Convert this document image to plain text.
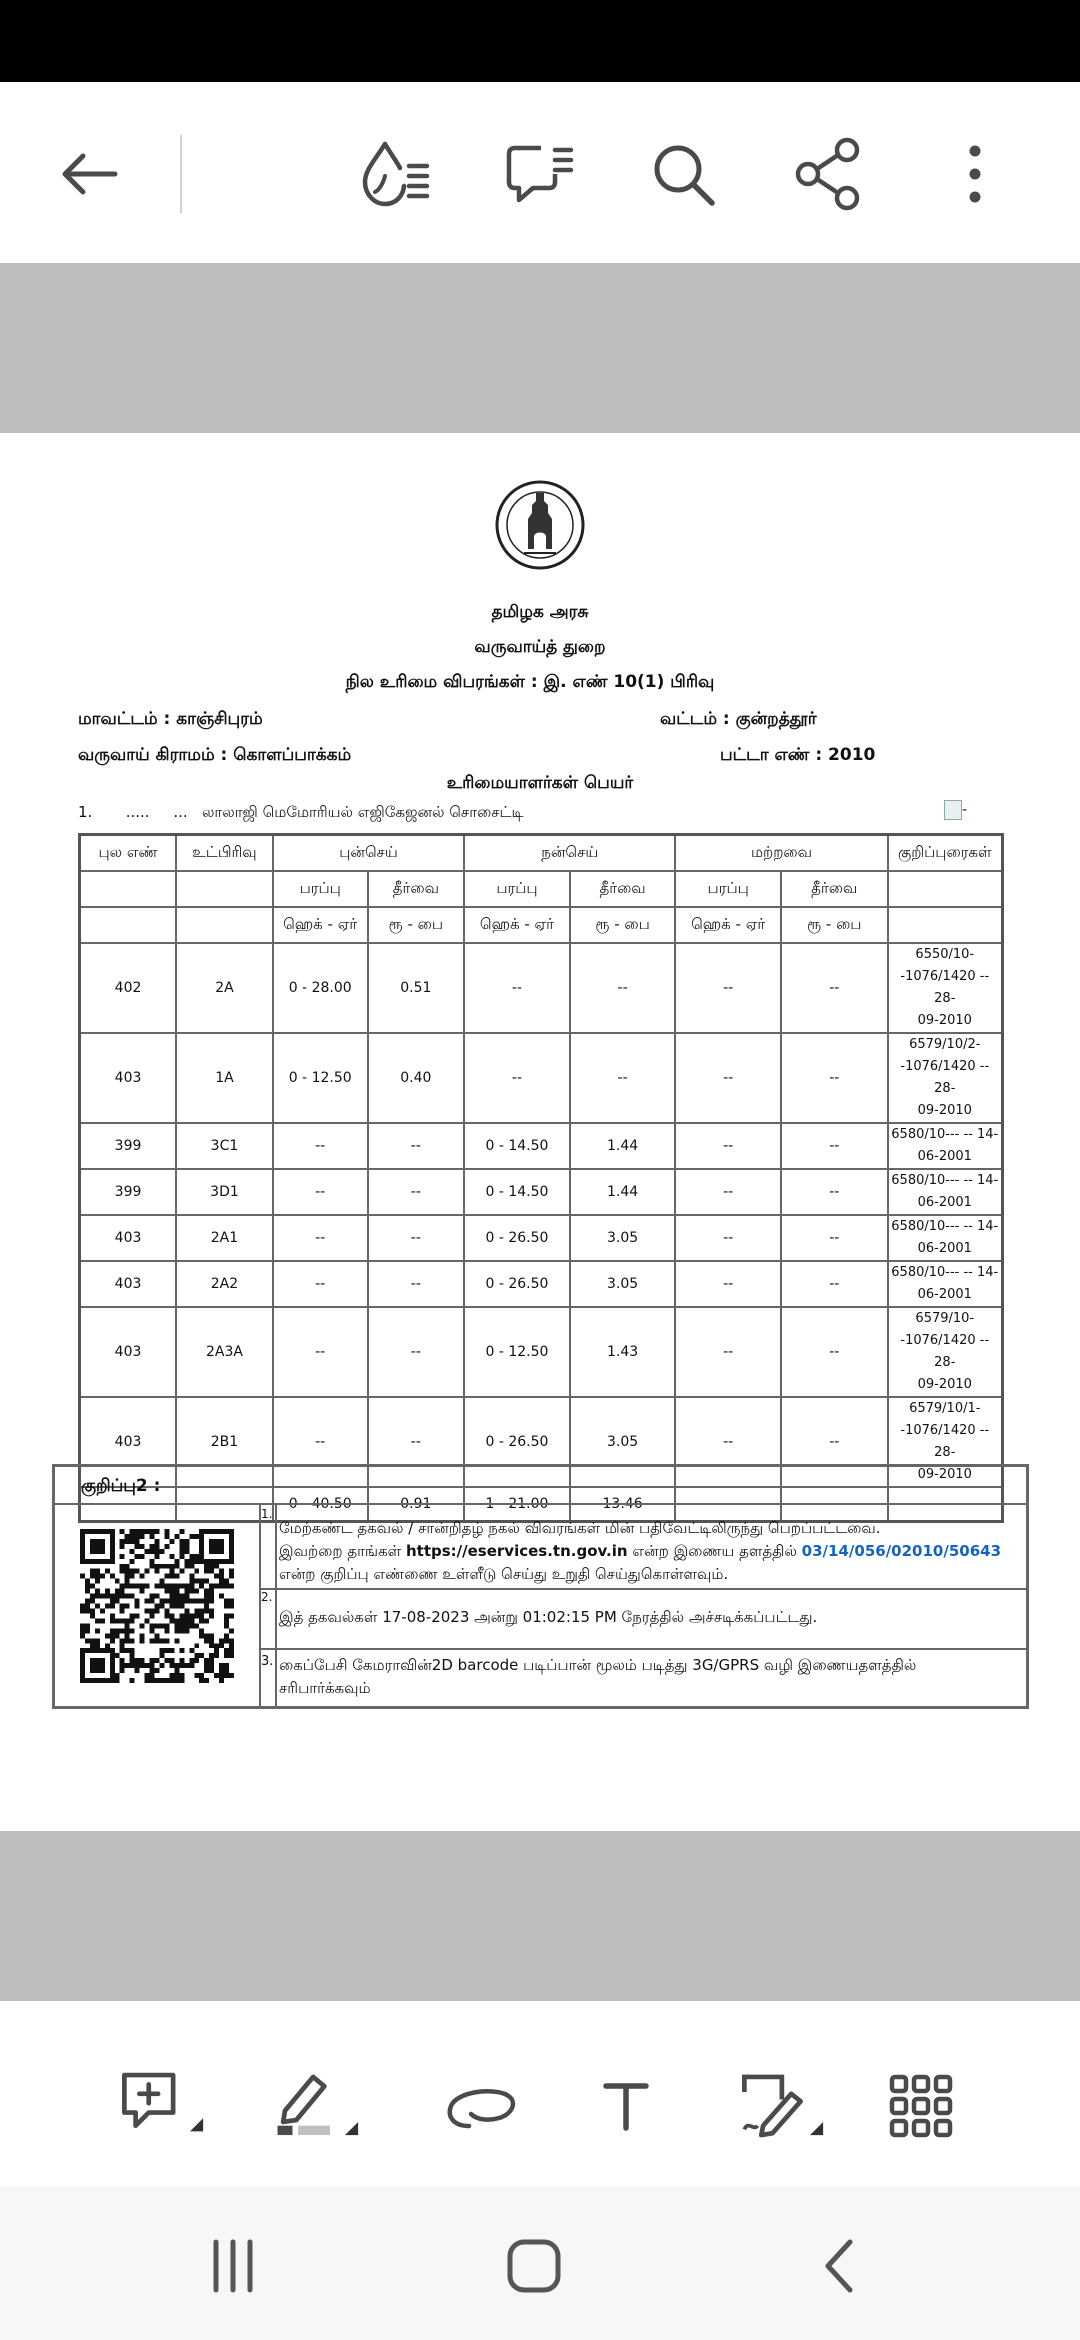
தமிழக அரசு
வருவாய்த் துறை
நில உரிமை விபரங்கள் : இ. எண் 10(1) பிரிவு
மாவட்டம் : காஞ்சிபுரம்	வட்டம் : குன்றத்தூர்
வருவாய் கிராமம் : கொளப்பாக்கம்	பட்டா எண் : 2010
உரிமையாளர்கள் பெயர்
1.       .....     ...   லாலாஜி மெமோரியல் எஜிகேஜனல் சொசைட்டி	-
புல எண்	உட்பிரிவு	புன்செய்		நன்செய்		மற்றவை		குறிப்புரைகள்
		பரப்பு	தீர்வை	பரப்பு	தீர்வை	பரப்பு	தீர்வை	
		ஹெக் - ஏர்	ரூ - பை	ஹெக் - ஏர்	ரூ - பை	ஹெக் - ஏர்	ரூ - பை	
402	2A	0 - 28.00	0.51	--	--	--	--	6550/10-
-1076/1420 -- 28-
09-2010
403	1A	0 - 12.50	0.40	--	--	--	--	6579/10/2-
-1076/1420 -- 28-
09-2010
399	3C1	--	--	0 - 14.50	1.44	--	--	6580/10--- -- 14-
06-2001
399	3D1	--	--	0 - 14.50	1.44	--	--	6580/10--- -- 14-
06-2001
403	2A1	--	--	0 - 26.50	3.05	--	--	6580/10--- -- 14-
06-2001
403	2A2	--	--	0 - 26.50	3.05	--	--	6580/10--- -- 14-
06-2001
403	2A3A	--	--	0 - 12.50	1.43	--	--	6579/10-
-1076/1420 -- 28-
09-2010
403	2B1	--	--	0 - 26.50	3.05	--	--	6579/10/1-
-1076/1420 -- 28-
09-2010
		0 - 40.50	0.91	1 - 21.00	13.46			
குறிப்பு2 :
1.
மேற்கண்ட தகவல் / சான்றிதழ் நகல் விவரங்கள் மின் பதிவேட்டிலிருந்து பெறப்பட்டவை.
இவற்றை தாங்கள் https://eservices.tn.gov.in என்ற இணைய தளத்தில் 03/14/056/02010/50643
என்ற குறிப்பு எண்ணை உள்ளீடு செய்து உறுதி செய்துகொள்ளவும்.
2.
இத் தகவல்கள் 17-08-2023 அன்று 01:02:15 PM நேரத்தில் அச்சடிக்கப்பட்டது.
3. கைப்பேசி கேமராவின்2D barcode படிப்பான் மூலம் படித்து 3G/GPRS வழி இணையதளத்தில் சரிபார்க்கவும்
